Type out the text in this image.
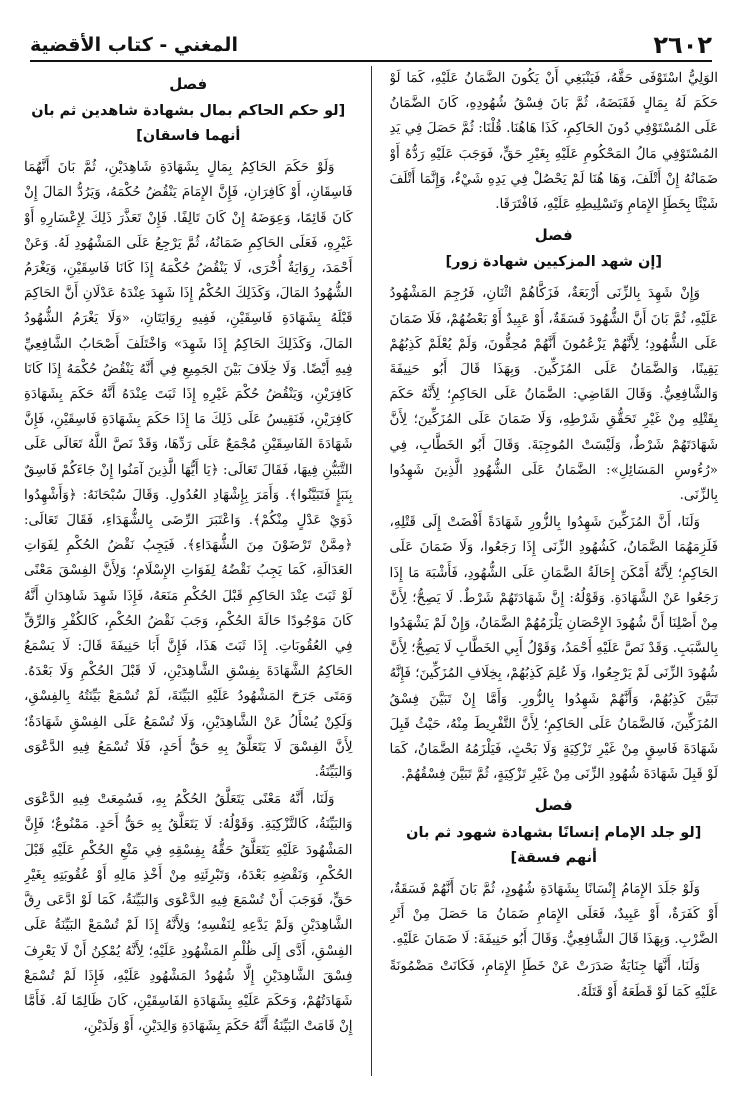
٢٦٠٢
المغني - كتاب الأقضية

الوَلِيُّ اسْتَوْفَى حَقَّهُ، فَيَنْبَغِي أَنْ يَكُونَ الضَّمَانُ عَلَيْهِ، كَمَا لَوْ حَكَمَ لَهُ بِمَالٍ فَقَبَضَهُ، ثُمَّ بَانَ فِسْقُ شُهُودِهِ، كَانَ الضَّمَانُ عَلَى المُسْتَوْفِي دُونَ الحَاكِمِ، كَذَا هَاهُنَا. قُلْنَا: ثُمَّ حَصَلَ فِي يَدِ المُسْتَوْفِي مَالُ المَحْكُومِ عَلَيْهِ بِغَيْرِ حَقٍّ، فَوَجَبَ عَلَيْهِ رَدُّهُ أَوْ ضَمَانُهُ إِنْ أَتْلَفَ، وَهَا هُنَا لَمْ يَحْصُلْ فِي يَدِهِ شَيْءٌ، وَإِنَّمَا أَتْلَفَ شَيْئًا بِخَطَإِ الإِمَامِ وَتَسْلِيطِهِ عَلَيْهِ، فَافْتَرَقَا.

فصل
[إن شهد المزكيين شهادة زور]

وَإِنْ شَهِدَ بِالزِّنَى أَرْبَعَةٌ، فَزَكَّاهُمْ اثْنَانِ، فَرُجِمَ المَشْهُودُ عَلَيْهِ، ثُمَّ بَانَ أَنَّ الشُّهُودَ فَسَقَةٌ، أَوْ عَبِيدٌ أَوْ بَعْضُهُمْ، فَلَا ضَمَانَ عَلَى الشُّهُودِ؛ لِأَنَّهُمْ يَزْعُمُونَ أَنَّهُمْ مُحِقُّونَ، وَلَمْ يُعْلَمْ كَذِبُهُمْ يَقِينًا، وَالضَّمَانُ عَلَى المُزَكِّينَ. وَبِهَذَا قَالَ أَبُو حَنِيفَةَ وَالشَّافِعِيُّ. وَقَالَ القَاضِي: الضَّمَانُ عَلَى الحَاكِمِ؛ لِأَنَّهُ حَكَمَ بِقَتْلِهِ مِنْ غَيْرِ تَحَقُّقِ شَرْطِهِ، وَلَا ضَمَانَ عَلَى المُزَكِّينَ؛ لِأَنَّ شَهَادَتَهُمْ شَرْطٌ، وَلَيْسَتْ المُوجِبَةَ. وَقَالَ أَبُو الخَطَّابِ، فِي «رُءُوسِ المَسَائِلِ»: الضَّمَانُ عَلَى الشُّهُودِ الَّذِينَ شَهِدُوا بِالزِّنَى.

وَلَنَا، أَنَّ المُزَكِّينَ شَهِدُوا بِالزُّورِ شَهَادَةً أَفْضَتْ إِلَى قَتْلِهِ، فَلَزِمَهُمَا الضَّمَانُ، كَشُهُودِ الزِّنَى إِذَا رَجَعُوا، وَلَا ضَمَانَ عَلَى الحَاكِمِ؛ لِأَنَّهُ أَمْكَنَ إِحَالَةُ الضَّمَانِ عَلَى الشُّهُودِ، فَأَشْبَهَ مَا إِذَا رَجَعُوا عَنْ الشَّهَادَةِ. وَقَوْلُهُ: إِنَّ شَهَادَتَهُمْ شَرْطٌ. لَا يَصِحُّ؛ لِأَنَّ مِنْ أَصْلِنَا أَنَّ شُهُودَ الإِحْصَانِ يَلْزَمُهُمْ الضَّمَانُ، وَإِنْ لَمْ يَشْهَدُوا بِالسَّبَبِ. وَقَدْ نَصَّ عَلَيْهِ أَحْمَدُ، وَقَوْلُ أَبِي الخَطَّابِ لَا يَصِحُّ؛ لِأَنَّ شُهُودَ الزِّنَى لَمْ يَرْجِعُوا، وَلَا عُلِمَ كَذِبُهُمْ، بِخِلَافِ المُزَكِّينَ؛ فَإِنَّهُ تَبَيَّنَ كَذِبُهُمْ، وَأَنَّهُمْ شَهِدُوا بِالزُّورِ. وَأَمَّا إِنْ تَبَيَّنَ فِسْقُ المُزَكِّينَ، فَالضَّمَانُ عَلَى الحَاكِمِ؛ لِأَنَّ التَّفْرِيطَ مِنْهُ، حَيْثُ قَبِلَ شَهَادَةَ فَاسِقٍ مِنْ غَيْرِ تَزْكِيَةٍ وَلَا بَحْثٍ، فَيَلْزَمُهُ الضَّمَانُ، كَمَا لَوْ قَبِلَ شَهَادَةَ شُهُودِ الزِّنَى مِنْ غَيْرِ تَزْكِيَةٍ، ثُمَّ تَبَيَّنَ فِسْقُهُمْ.

فصل
[لو جلد الإمام إنسانًا بشهادة شهود ثم بان أنهم فسقة]

وَلَوْ جَلَدَ الإِمَامُ إِنْسَانًا بِشَهَادَةِ شُهُودٍ، ثُمَّ بَانَ أَنَّهُمْ فَسَقَةٌ، أَوْ كَفَرَةٌ، أَوْ عَبِيدٌ، فَعَلَى الإِمَامِ ضَمَانُ مَا حَصَلَ مِنْ أَثَرِ الضَّرْبِ. وَبِهَذَا قَالَ الشَّافِعِيُّ. وَقَالَ أَبُو حَنِيفَةَ: لَا ضَمَانَ عَلَيْهِ.

وَلَنَا، أَنَّهَا جِنَايَةٌ صَدَرَتْ عَنْ خَطَإِ الإِمَامِ، فَكَانَتْ مَضْمُونَةً عَلَيْهِ كَمَا لَوْ قَطَعَهُ أَوْ قَتَلَهُ.

فصل
[لو حكم الحاكم بمال بشهادة شاهدين ثم بان أنهما فاسقان]

وَلَوْ حَكَمَ الحَاكِمُ بِمَالٍ بِشَهَادَةِ شَاهِدَيْنِ، ثُمَّ بَانَ أَنَّهُمَا فَاسِقَانِ، أَوْ كَافِرَانِ، فَإِنَّ الإِمَامَ يَنْقُضُ حُكْمَهُ، وَيَرُدُّ المَالَ إِنْ كَانَ قَائِمًا، وَعِوَضَهُ إِنْ كَانَ تَالِفًا. فَإِنْ تَعَذَّرَ ذَلِكَ لِإِعْسَارِهِ أَوْ غَيْرِهِ، فَعَلَى الحَاكِمِ ضَمَانُهُ، ثُمَّ يَرْجِعُ عَلَى المَشْهُودِ لَهُ. وَعَنْ أَحْمَدَ، رِوَايَةٌ أُخْرَى، لَا يَنْقُضُ حُكْمَهُ إِذَا كَانَا فَاسِقَيْنِ، وَيَغْرَمُ الشُّهُودُ المَالَ، وَكَذَلِكَ الحُكْمُ إِذَا شَهِدَ عِنْدَهُ عَدْلَانِ أَنَّ الحَاكِمَ قَبْلَهُ بِشَهَادَةِ فَاسِقَيْنِ، فَفِيهِ رِوَايَتَانِ، «وَلَا يَغْرَمُ الشُّهُودُ المَالَ، وَكَذَلِكَ الحَاكِمُ إِذَا شَهِدَ» وَاخْتَلَفَ أَصْحَابُ الشَّافِعِيِّ فِيهِ أَيْضًا. وَلَا خِلَافَ بَيْنَ الجَمِيعِ فِي أَنَّهُ يَنْقُضُ حُكْمَهُ إِذَا كَانَا كَافِرَيْنِ، وَيَنْقُضُ حُكْمَ غَيْرِهِ إِذَا ثَبَتَ عِنْدَهُ أَنَّهُ حَكَمَ بِشَهَادَةِ كَافِرَيْنِ، فَنَقِيسُ عَلَى ذَلِكَ مَا إِذَا حَكَمَ بِشَهَادَةِ فَاسِقَيْنِ، فَإِنَّ شَهَادَةَ الفَاسِقَيْنِ مُجْمَعٌ عَلَى رَدِّهَا، وَقَدْ نَصَّ اللَّهُ تَعَالَى عَلَى التَّبَيُّنِ فِيهَا، فَقَالَ تَعَالَى: ﴿يَا أَيُّهَا الَّذِينَ آمَنُوا إِنْ جَاءَكُمْ فَاسِقٌ بِنَبَإٍ فَتَبَيَّنُوا﴾. وَأَمَرَ بِإِشْهَادِ العُدُولِ. وَقَالَ سُبْحَانَهُ: ﴿وَأَشْهِدُوا ذَوَيْ عَدْلٍ مِنْكُمْ﴾. وَاعْتَبَرَ الرِّضَى بِالشُّهَدَاءِ، فَقَالَ تَعَالَى: ﴿مِمَّنْ تَرْضَوْنَ مِنَ الشُّهَدَاءِ﴾. فَيَجِبُ نَقْضُ الحُكْمِ لِفَوَاتِ العَدَالَةِ، كَمَا يَجِبُ نَقْضُهُ لِفَوَاتِ الإِسْلَامِ؛ وَلِأَنَّ الفِسْقَ مَعْنًى لَوْ ثَبَتَ عِنْدَ الحَاكِمِ قَبْلَ الحُكْمِ مَنَعَهُ، فَإِذَا شَهِدَ شَاهِدَانِ أَنَّهُ كَانَ مَوْجُودًا حَالَةَ الحُكْمِ، وَجَبَ نَقْضُ الحُكْمِ، كَالكُفْرِ وَالرِّقِّ فِي العُقُوبَاتِ. إِذَا ثَبَتَ هَذَا، فَإِنَّ أَبَا حَنِيفَةَ قَالَ: لَا يَسْمَعُ الحَاكِمُ الشَّهَادَةَ بِفِسْقِ الشَّاهِدَيْنِ، لَا قَبْلَ الحُكْمِ وَلَا بَعْدَهُ. وَمَتَى جَرَحَ المَشْهُودُ عَلَيْهِ البَيِّنَةَ، لَمْ تُسْمَعْ بَيِّنَتُهُ بِالفِسْقِ، وَلَكِنْ يُسْأَلُ عَنْ الشَّاهِدَيْنِ، وَلَا تُسْمَعُ عَلَى الفِسْقِ شَهَادَةٌ؛ لِأَنَّ الفِسْقَ لَا يَتَعَلَّقُ بِهِ حَقُّ أَحَدٍ، فَلَا تُسْمَعُ فِيهِ الدَّعْوَى وَالبَيِّنَةُ.

وَلَنَا، أَنَّهُ مَعْنًى يَتَعَلَّقُ الحُكْمُ بِهِ، فَسُمِعَتْ فِيهِ الدَّعْوَى وَالبَيِّنَةُ، كَالتَّزْكِيَةِ. وَقَوْلُهُ: لَا يَتَعَلَّقُ بِهِ حَقُّ أَحَدٍ. مَمْنُوعٌ؛ فَإِنَّ المَشْهُودَ عَلَيْهِ يَتَعَلَّقُ حَقُّهُ بِفِسْقِهِ فِي مَنْعِ الحُكْمِ عَلَيْهِ قَبْلَ الحُكْمِ، وَنَقْضِهِ بَعْدَهُ، وَتَبْرِئَتِهِ مِنْ أَخْذِ مَالِهِ أَوْ عُقُوبَتِهِ بِغَيْرِ حَقٍّ، فَوَجَبَ أَنْ تُسْمَعَ فِيهِ الدَّعْوَى وَالبَيِّنَةُ، كَمَا لَوْ ادَّعَى رِقَّ الشَّاهِدَيْنِ وَلَمْ يَدَّعِهِ لِنَفْسِهِ؛ وَلِأَنَّهُ إِذَا لَمْ تُسْمَعْ البَيِّنَةُ عَلَى الفِسْقِ، أَدَّى إِلَى ظُلْمِ المَشْهُودِ عَلَيْهِ؛ لِأَنَّهُ يُمْكِنُ أَنْ لَا يَعْرِفَ فِسْقَ الشَّاهِدَيْنِ إِلَّا شُهُودُ المَشْهُودِ عَلَيْهِ، فَإِذَا لَمْ تُسْمَعْ شَهَادَتُهُمْ، وَحَكَمَ عَلَيْهِ بِشَهَادَةِ الفَاسِقَيْنِ، كَانَ ظَالِمًا لَهُ. فَأَمَّا إِنْ قَامَتْ البَيِّنَةُ أَنَّهُ حَكَمَ بِشَهَادَةِ وَالِدَيْنِ، أَوْ وَلَدَيْنِ،
